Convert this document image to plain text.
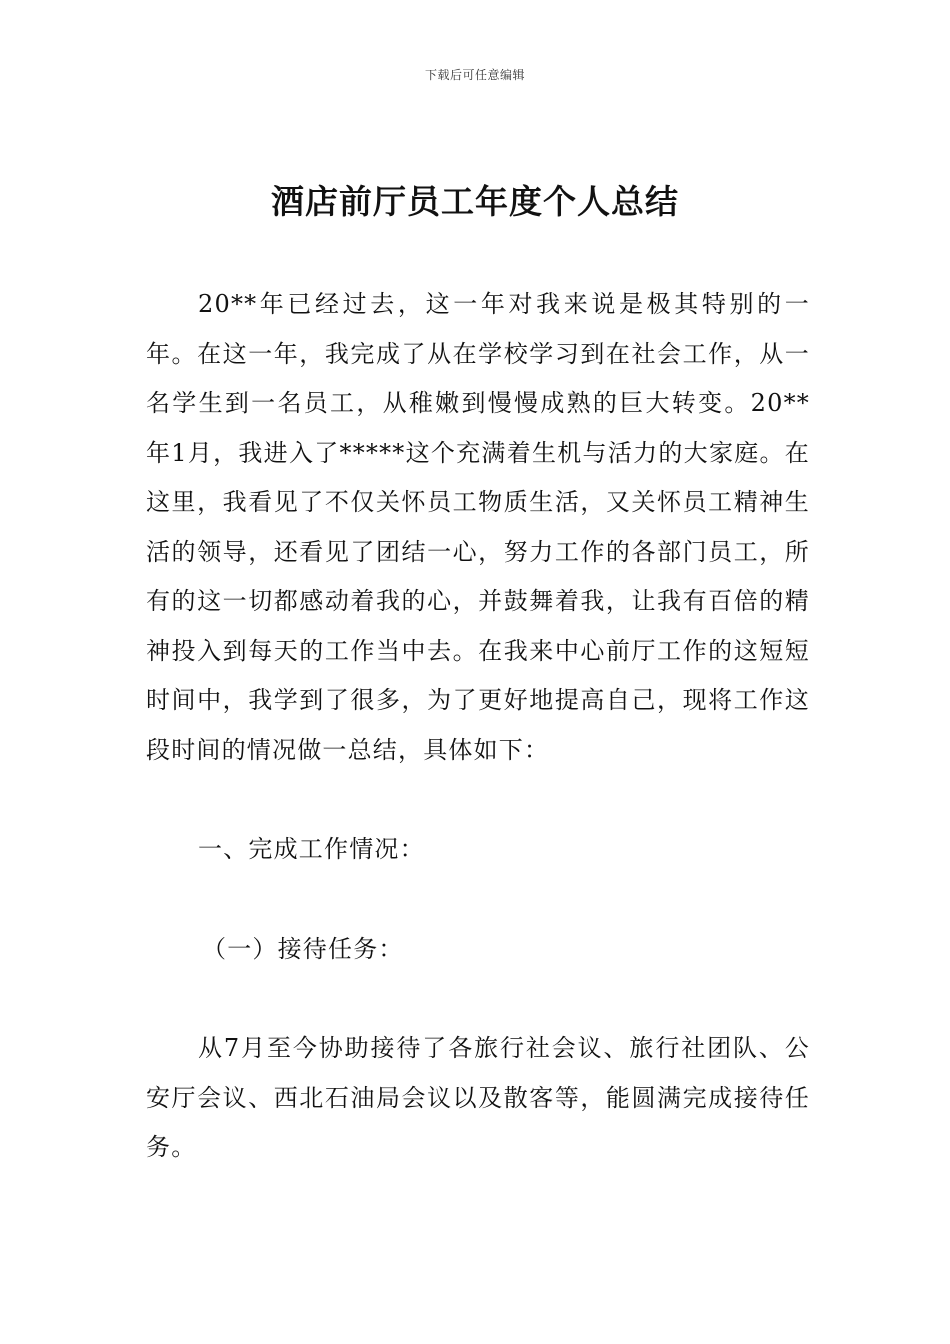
下载后可任意编辑
酒店前厅员工年度个人总结

20**年已经过去，这一年对我来说是极其特别的一年。在这一年，我完成了从在学校学习到在社会工作，从一名学生到一名员工，从稚嫩到慢慢成熟的巨大转变。20**年1月，我进入了*****这个充满着生机与活力的大家庭。在这里，我看见了不仅关怀员工物质生活，又关怀员工精神生活的领导，还看见了团结一心，努力工作的各部门员工，所有的这一切都感动着我的心，并鼓舞着我，让我有百倍的精神投入到每天的工作当中去。在我来中心前厅工作的这短短时间中，我学到了很多，为了更好地提高自己，现将工作这段时间的情况做一总结，具体如下：

一、完成工作情况：

（一）接待任务：

从7月至今协助接待了各旅行社会议、旅行社团队、公安厅会议、西北石油局会议以及散客等，能圆满完成接待任务。
